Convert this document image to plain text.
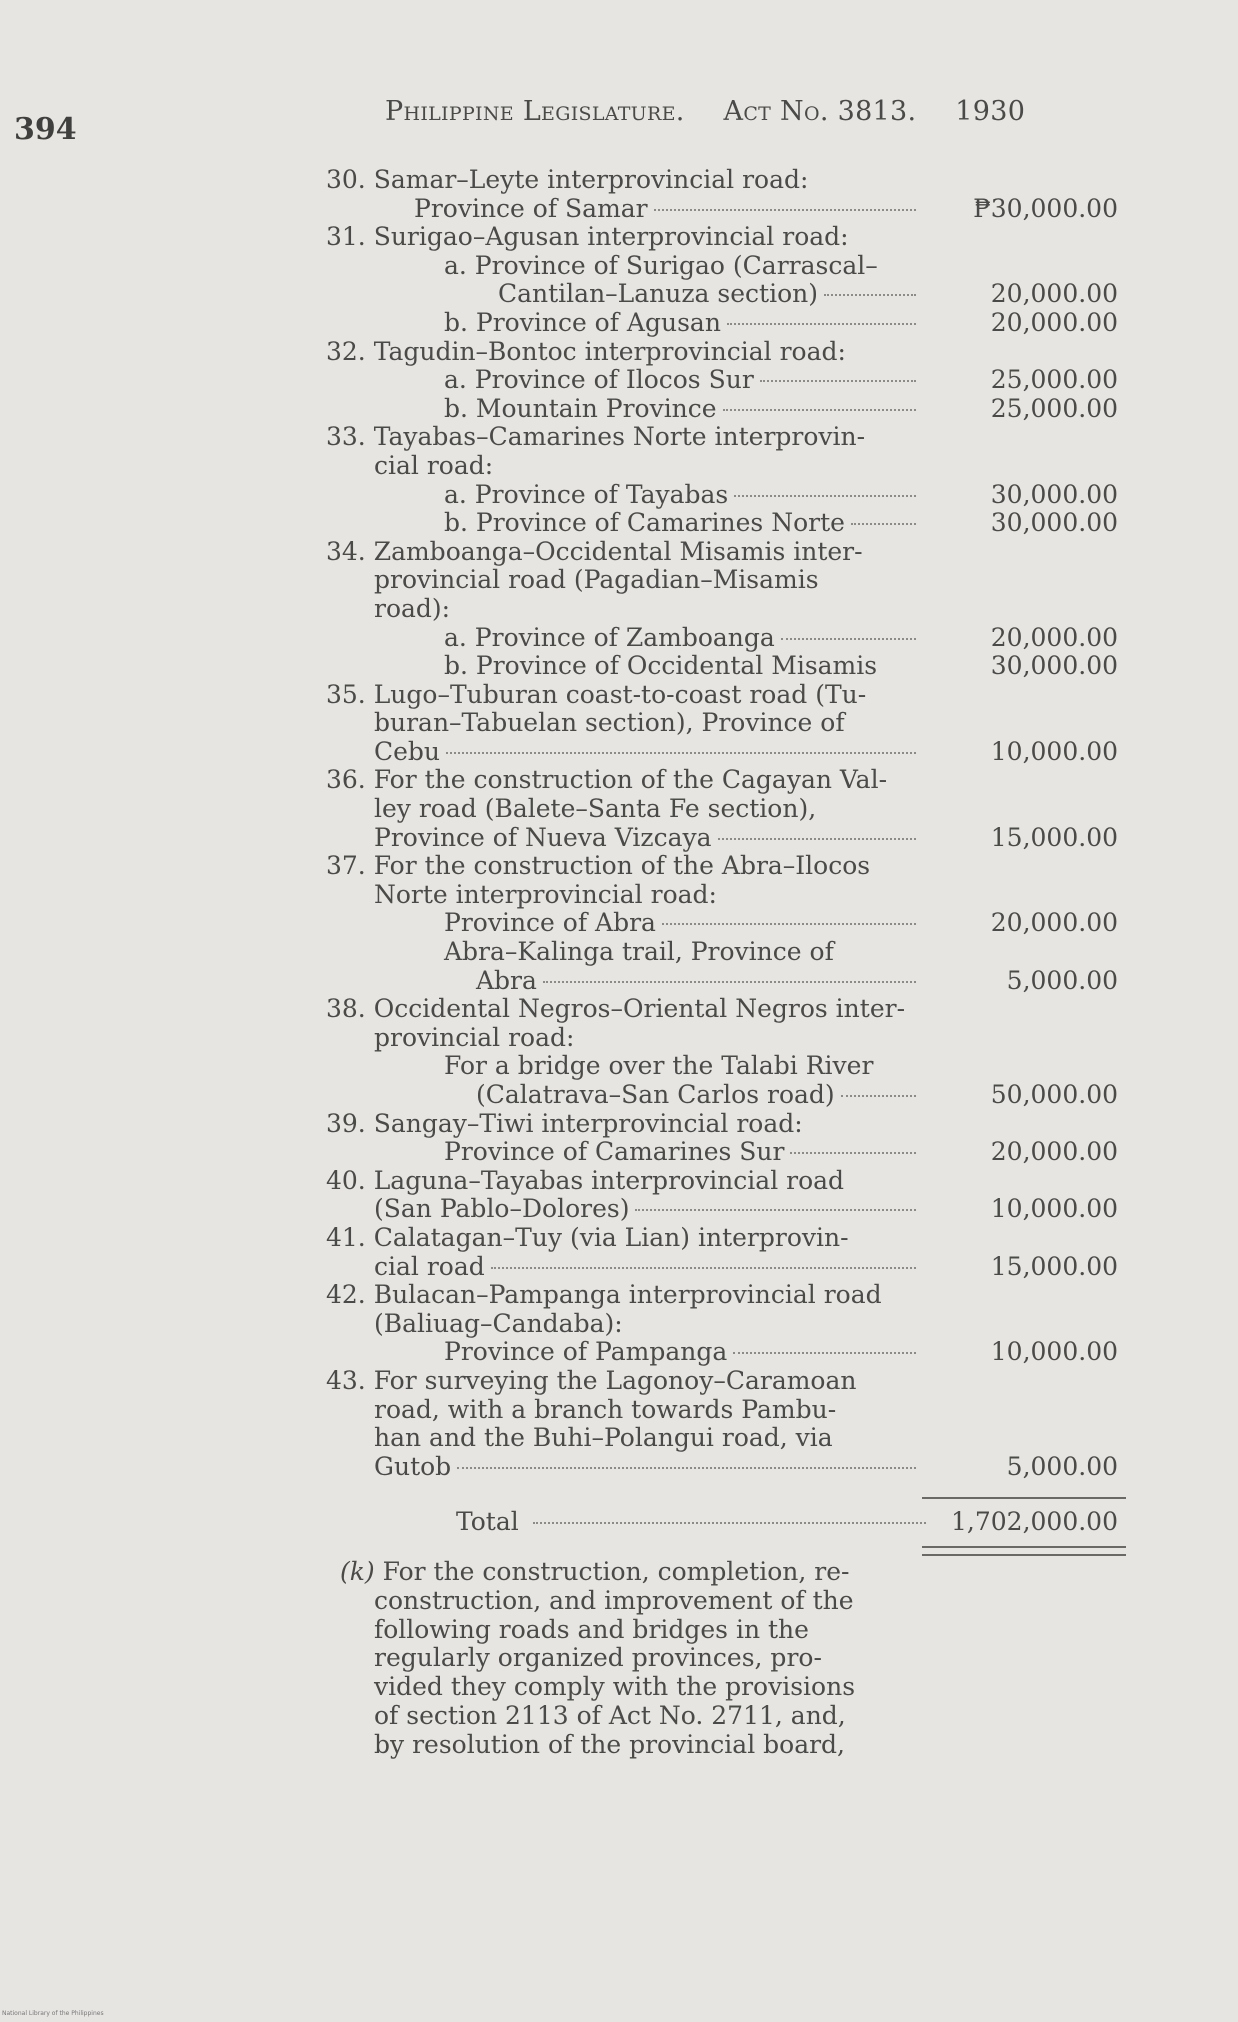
394
Philippine Legislature. Act No. 3813. 1930
30. Samar–Leyte interprovincial road:
Province of Samar	₱30,000.00
31. Surigao–Agusan interprovincial road:
a. Province of Surigao (Carrascal–
Cantilan–Lanuza section)	20,000.00
b. Province of Agusan	20,000.00
32. Tagudin–Bontoc interprovincial road:
a. Province of Ilocos Sur	25,000.00
b. Mountain Province	25,000.00
33. Tayabas–Camarines Norte interprovin-
cial road:
a. Province of Tayabas	30,000.00
b. Province of Camarines Norte	30,000.00
34. Zamboanga–Occidental Misamis inter-
provincial road (Pagadian–Misamis
road):
a. Province of Zamboanga	20,000.00
b. Province of Occidental Misamis	30,000.00
35. Lugo–Tuburan coast-to-coast road (Tu-
buran–Tabuelan section), Province of
Cebu	10,000.00
36. For the construction of the Cagayan Val-
ley road (Balete–Santa Fe section),
Province of Nueva Vizcaya	15,000.00
37. For the construction of the Abra–Ilocos
Norte interprovincial road:
Province of Abra	20,000.00
Abra–Kalinga trail, Province of
Abra	5,000.00
38. Occidental Negros–Oriental Negros inter-
provincial road:
For a bridge over the Talabi River
(Calatrava–San Carlos road)	50,000.00
39. Sangay–Tiwi interprovincial road:
Province of Camarines Sur	20,000.00
40. Laguna–Tayabas interprovincial road
(San Pablo–Dolores)	10,000.00
41. Calatagan–Tuy (via Lian) interprovin-
cial road	15,000.00
42. Bulacan–Pampanga interprovincial road
(Baliuag–Candaba):
Province of Pampanga	10,000.00
43. For surveying the Lagonoy–Caramoan
road, with a branch towards Pambu-
han and the Buhi–Polangui road, via
Gutob	5,000.00
Total	1,702,000.00
(k) For the construction, completion, re-
construction, and improvement of the
following roads and bridges in the
regularly organized provinces, pro-
vided they comply with the provisions
of section 2113 of Act No. 2711, and,
by resolution of the provincial board,
National Library of the Philippines
